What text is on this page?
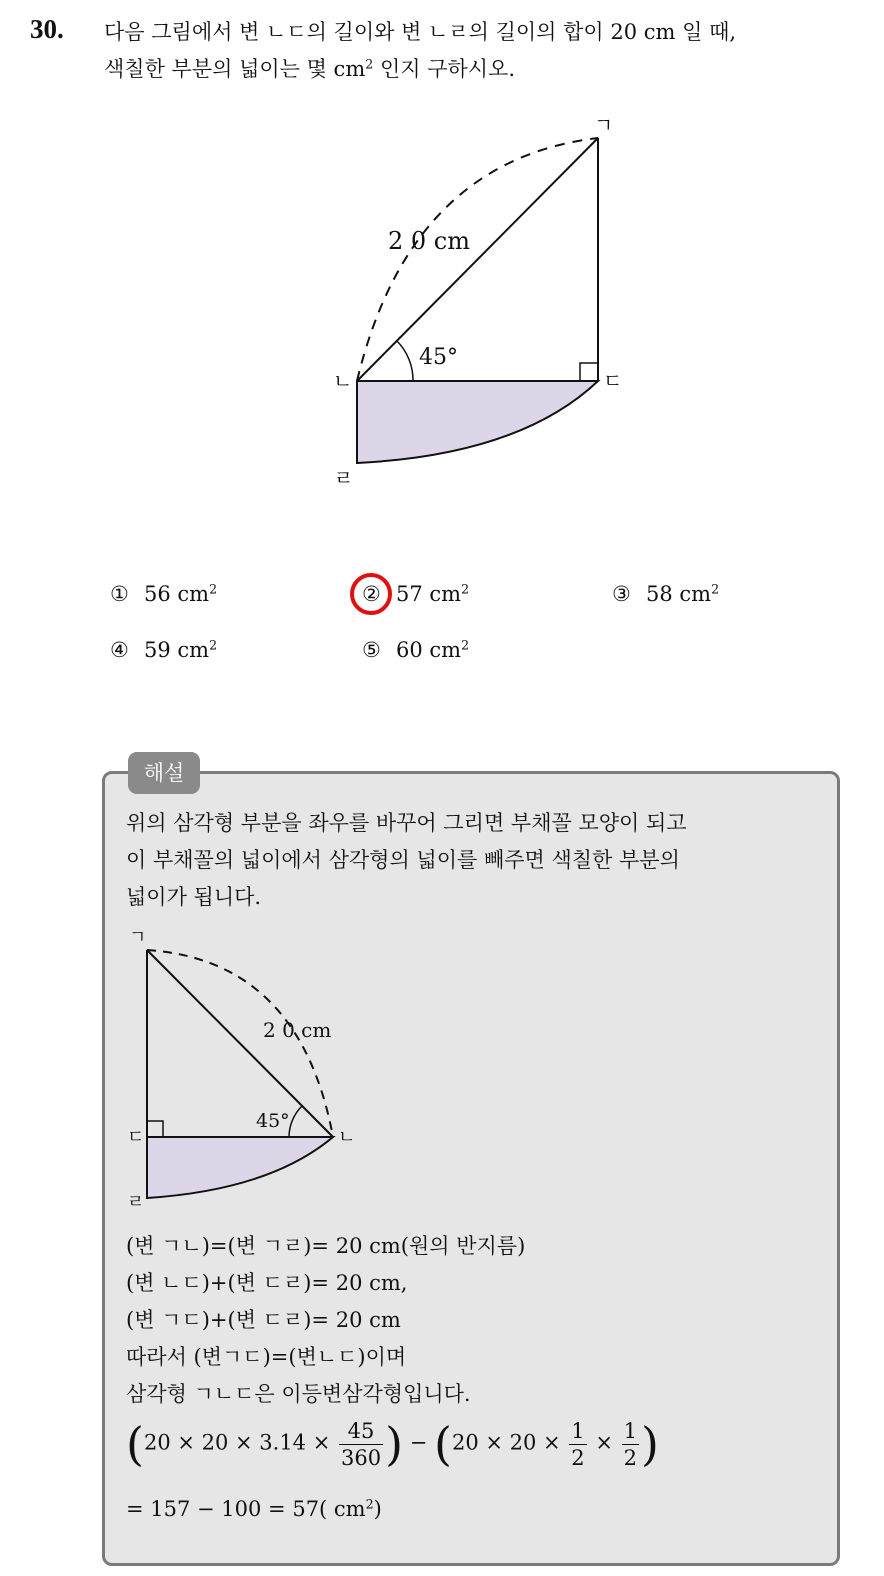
30. 다음 그림에서 변 ㄴㄷ의 길이와 변 ㄴㄹ의 길이의 합이 20 cm 일 때,
색칠한 부분의 넓이는 몇 $cm^2$ 인지 구하시오.
ㄱ
ㄴ	ㄷ
ㄹ
2 0 cm
45°
① 56 $cm^2$	② 57 $cm^2$	③ 58 $cm^2$
④ 59 $cm^2$	⑤ 60 $cm^2$
해설
위의 삼각형 부분을 좌우를 바꾸어 그리면 부채꼴 모양이 되고
이 부채꼴의 넓이에서 삼각형의 넓이를 빼주면 색칠한 부분의
넓이가 됩니다.
ㄱ
ㄷ	ㄴ
ㄹ
2 0 cm
45°
(변 ㄱㄴ)=(변 ㄱㄹ)= 20 cm(원의 반지름)
(변 ㄴㄷ)+(변 ㄷㄹ)= 20 cm,
(변 ㄱㄷ)+(변 ㄷㄹ)= 20 cm
따라서 (변ㄱㄷ)=(변ㄴㄷ)이며
삼각형 ㄱㄴㄷ은 이등변삼각형입니다.
($20 \times 20 \times 3.14 \times \frac{45}{360}$ ) − ($20 \times 20 \times \frac{1}{2} \times \frac{1}{2}$ )
= 157 − 100 = 57( $cm^2$)
